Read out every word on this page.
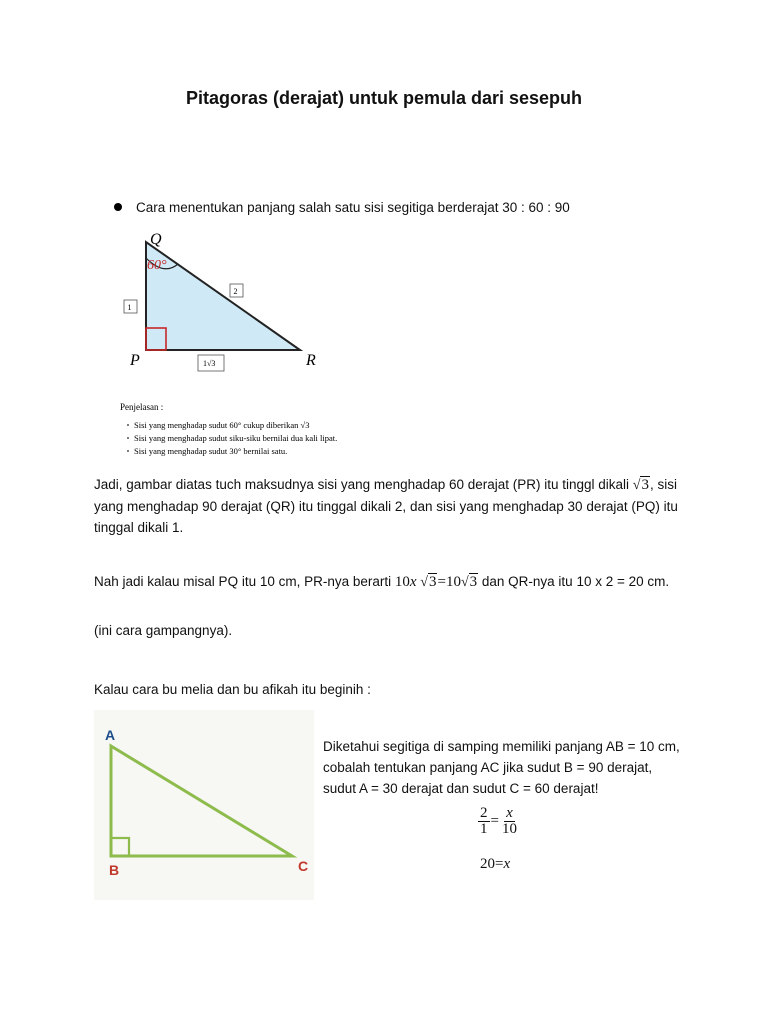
Pitagoras (derajat) untuk pemula dari sesepuh
Cara menentukan panjang salah satu sisi segitiga berderajat 30 : 60 : 90
Q
P	R
60°
1
2
1√3
Penjelasan :
Sisi yang menghadap sudut 60° cukup diberikan √3
Sisi yang menghadap sudut siku-siku bernilai dua kali lipat.
Sisi yang menghadap sudut 30° bernilai satu.
Jadi, gambar diatas tuch maksudnya sisi yang menghadap 60 derajat (PR) itu tinggl dikali √3, sisi yang menghadap 90 derajat (QR) itu tinggal dikali 2, dan sisi yang menghadap 30 derajat (PQ) itu tinggal dikali 1.
Nah jadi kalau misal PQ itu 10 cm, PR-nya berarti 10x √3=10√3 dan QR-nya itu 10 x 2 = 20 cm.
(ini cara gampangnya).
Kalau cara bu melia dan bu afikah itu beginih :
A
B	C
Diketahui segitiga di samping memiliki panjang AB = 10 cm, cobalah tentukan panjang AC jika sudut B = 90 derajat, sudut A = 30 derajat dan sudut C = 60 derajat!
$\frac{2}{1} = \frac{x}{10}$
20=x
